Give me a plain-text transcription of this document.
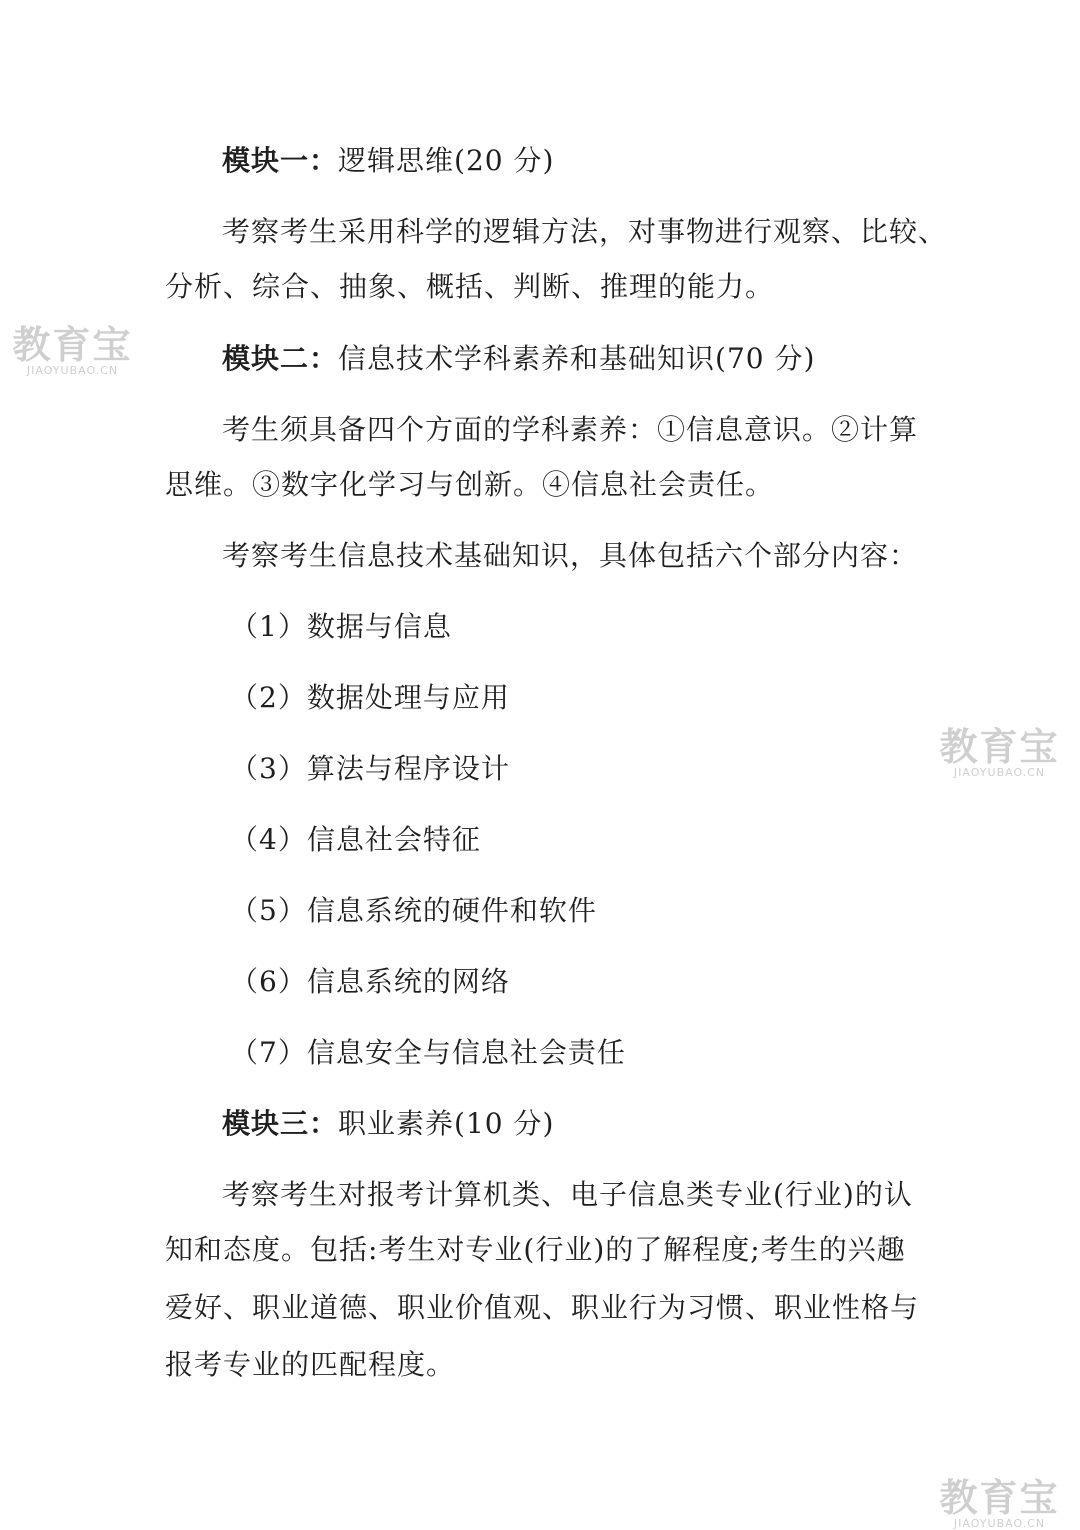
模块一：逻辑思维(20 分)
考察考生采用科学的逻辑方法，对事物进行观察、比较、
分析、综合、抽象、概括、判断、推理的能力。
模块二：信息技术学科素养和基础知识(70 分)
考生须具备四个方面的学科素养：①信息意识。②计算
思维。③数字化学习与创新。④信息社会责任。
考察考生信息技术基础知识，具体包括六个部分内容：
（1）数据与信息
（2）数据处理与应用
（3）算法与程序设计
（4）信息社会特征
（5）信息系统的硬件和软件
（6）信息系统的网络
（7）信息安全与信息社会责任
模块三：职业素养(10 分)
考察考生对报考计算机类、电子信息类专业(行业)的认
知和态度。包括:考生对专业(行业)的了解程度;考生的兴趣
爱好、职业道德、职业价值观、职业行为习惯、职业性格与
报考专业的匹配程度。
教育宝
JIAOYUBAO.CN
教育宝
JIAOYUBAO.CN
教育宝
JIAOYUBAO.CN
